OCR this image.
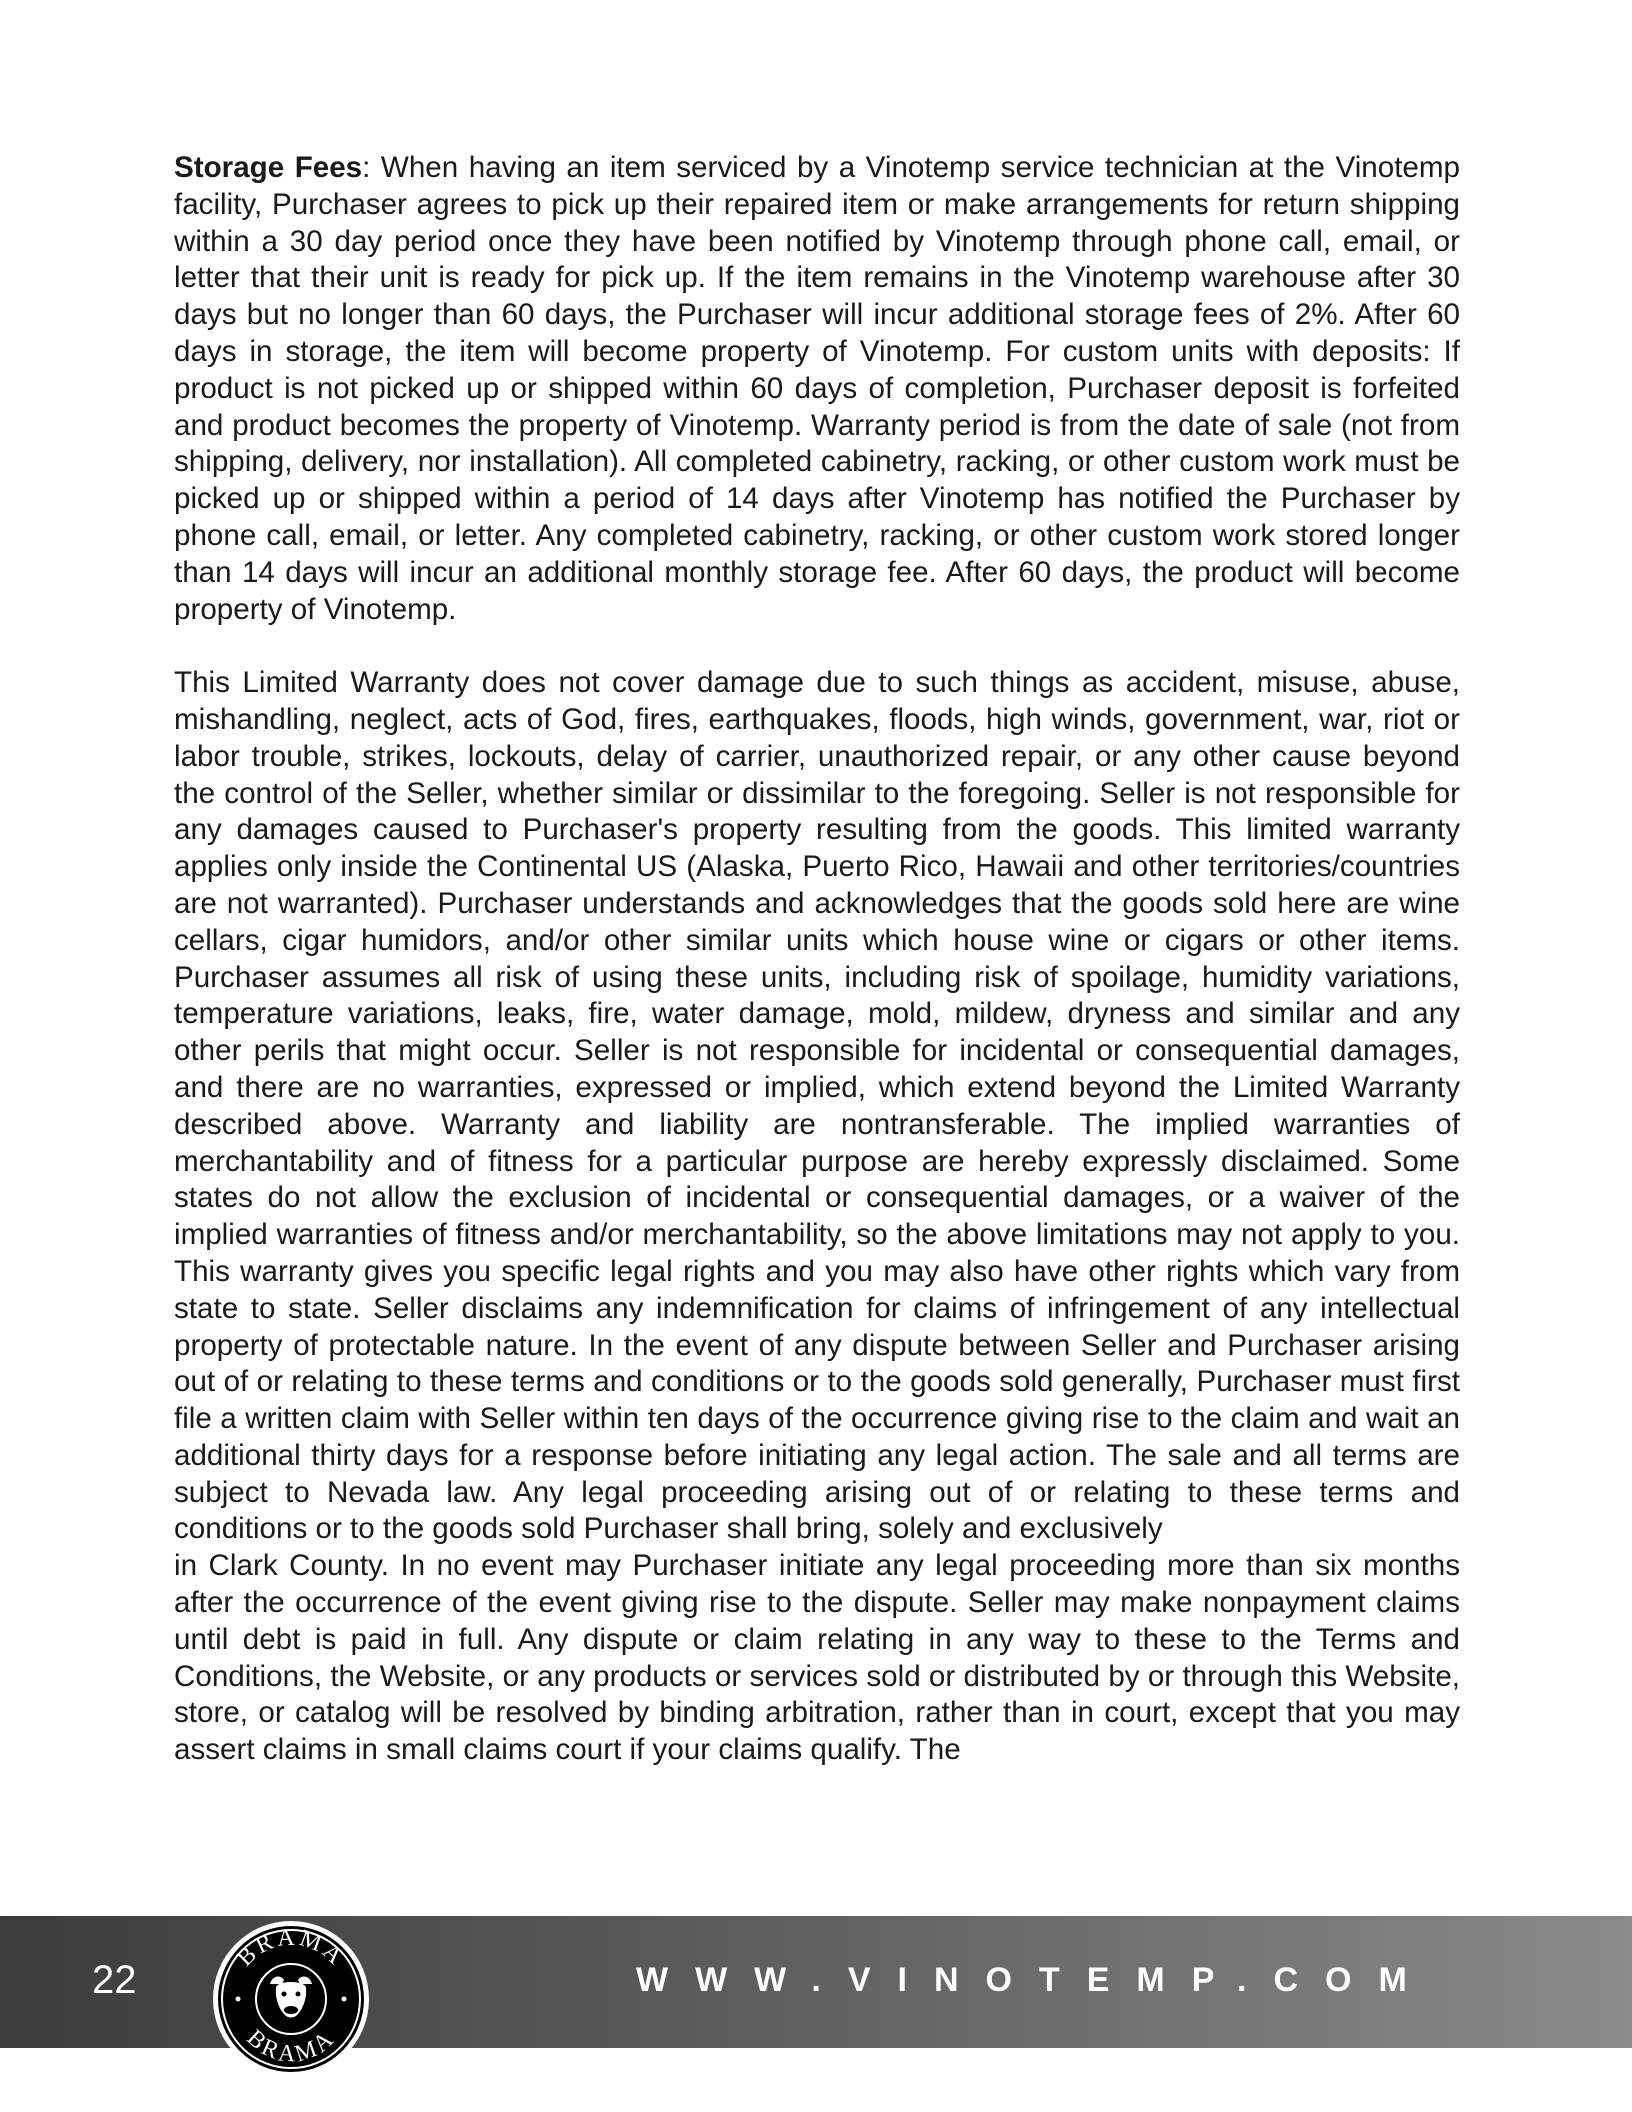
Storage Fees: When having an item serviced by a Vinotemp service technician at the Vinotemp facility, Purchaser agrees to pick up their repaired item or make arrangements for return shipping within a 30 day period once they have been notified by Vinotemp through phone call, email, or letter that their unit is ready for pick up. If the item remains in the Vinotemp warehouse after 30 days but no longer than 60 days, the Purchaser will incur additional storage fees of 2%. After 60 days in storage, the item will become property of Vinotemp. For custom units with deposits: If product is not picked up or shipped within 60 days of completion, Purchaser deposit is forfeited and product becomes the property of Vinotemp. Warranty period is from the date of sale (not from shipping, delivery, nor installation). All completed cabinetry, racking, or other custom work must be picked up or shipped within a period of 14 days after Vinotemp has notified the Purchaser by phone call, email, or letter. Any completed cabinetry, racking, or other custom work stored longer than 14 days will incur an additional monthly storage fee. After 60 days, the product will become property of Vinotemp.

This Limited Warranty does not cover damage due to such things as accident, misuse, abuse, mishandling, neglect, acts of God, fires, earthquakes, floods, high winds, government, war, riot or labor trouble, strikes, lockouts, delay of carrier, unauthorized repair, or any other cause beyond the control of the Seller, whether similar or dissimilar to the foregoing. Seller is not responsible for any damages caused to Purchaser's property resulting from the goods. This limited warranty applies only inside the Continental US (Alaska, Puerto Rico, Hawaii and other territories/countries are not warranted). Purchaser understands and acknowledges that the goods sold here are wine cellars, cigar humidors, and/or other similar units which house wine or cigars or other items. Purchaser assumes all risk of using these units, including risk of spoilage, humidity variations, temperature variations, leaks, fire, water damage, mold, mildew, dryness and similar and any other perils that might occur. Seller is not responsible for incidental or consequential damages, and there are no warranties, expressed or implied, which extend beyond the Limited Warranty described above. Warranty and liability are nontransferable. The implied warranties of merchantability and of fitness for a particular purpose are hereby expressly disclaimed. Some states do not allow the exclusion of incidental or consequential damages, or a waiver of the implied warranties of fitness and/or merchantability, so the above limitations may not apply to you. This warranty gives you specific legal rights and you may also have other rights which vary from state to state. Seller disclaims any indemnification for claims of infringement of any intellectual property of protectable nature. In the event of any dispute between Seller and Purchaser arising out of or relating to these terms and conditions or to the goods sold generally, Purchaser must first file a written claim with Seller within ten days of the occurrence giving rise to the claim and wait an additional thirty days for a response before initiating any legal action. The sale and all terms are subject to Nevada law. Any legal proceeding arising out of or relating to these terms and conditions or to the goods sold Purchaser shall bring, solely and exclusively

in Clark County. In no event may Purchaser initiate any legal proceeding more than six months after the occurrence of the event giving rise to the dispute. Seller may make nonpayment claims until debt is paid in full. Any dispute or claim relating in any way to these to the Terms and Conditions, the Website, or any products or services sold or distributed by or through this Website, store, or catalog will be resolved by binding arbitration, rather than in court, except that you may assert claims in small claims court if your claims qualify. The

22
BRAMA
BRAMA
WWW.VINOTEMP.COM
